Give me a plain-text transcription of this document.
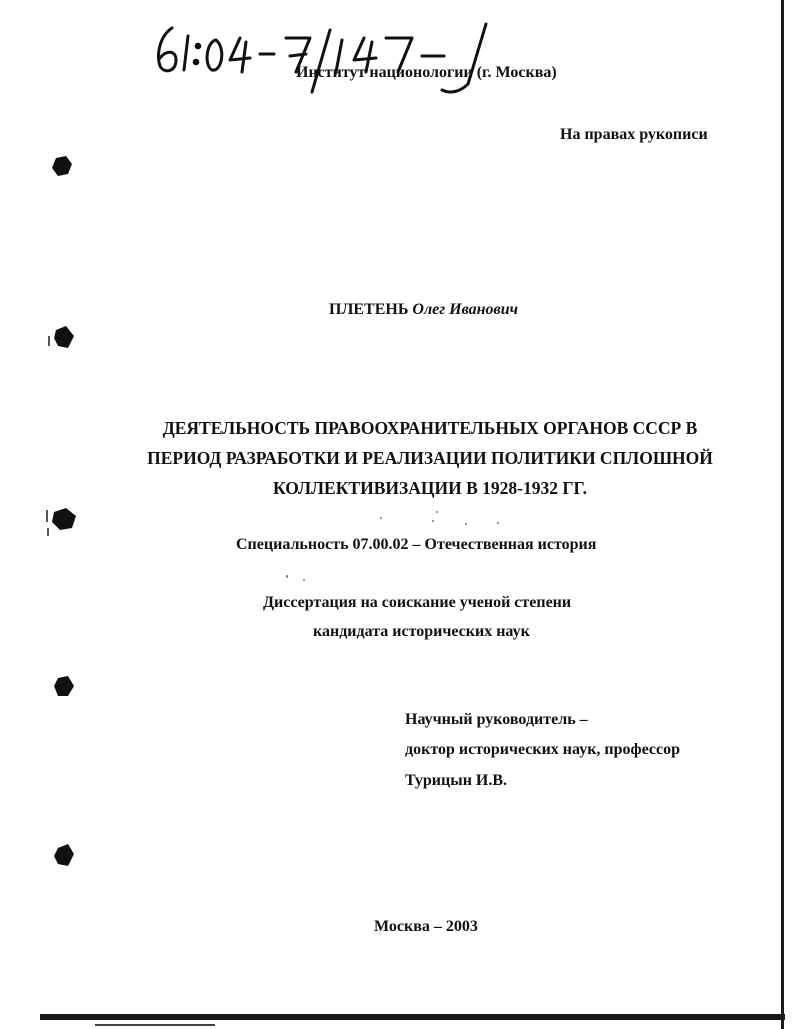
Институт национологии (г. Москва)
На правах рукописи
ПЛЕТЕНЬ Олег Иванович
ДЕЯТЕЛЬНОСТЬ ПРАВООХРАНИТЕЛЬНЫХ ОРГАНОВ СССР В
ПЕРИОД РАЗРАБОТКИ И РЕАЛИЗАЦИИ ПОЛИТИКИ СПЛОШНОЙ
КОЛЛЕКТИВИЗАЦИИ В 1928-1932 ГГ.
Специальность 07.00.02 – Отечественная история
Диссертация на соискание ученой степени
кандидата исторических наук
Научный руководитель –
доктор исторических наук, профессор
Турицын И.В.
Москва – 2003
